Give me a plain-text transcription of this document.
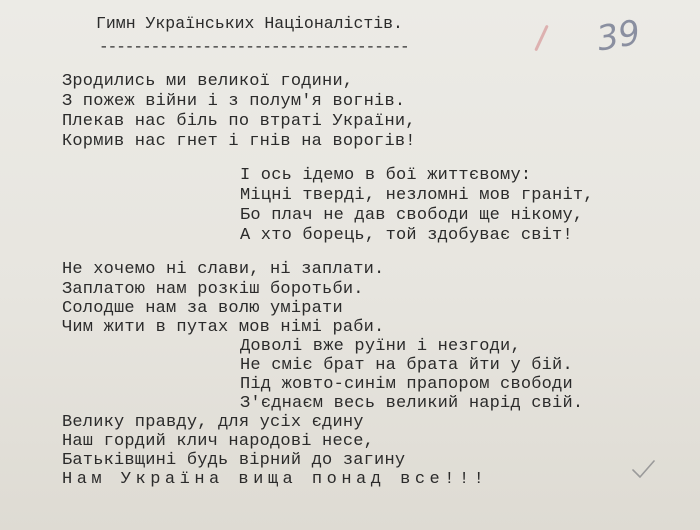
39
Гимн Українських Націоналістів.
------------------------------------
Зродились ми великої години,
З пожеж війни і з полум'я вогнів.
Плекав нас біль по втраті України,
Кормив нас гнет і гнів на ворогів!
І ось ідемо в бої життєвому:
Міцні тверді, незломні мов граніт,
Бо плач не дав свободи ще нікому,
А хто борець, той здобуває світ!
Не хочемо ні слави, ні заплати.
Заплатою нам розкіш боротьби.
Солодше нам за волю умірати
Чим жити в путах мов німі раби.
Доволі вже руїни і незгоди,
Не сміє брат на брата йти у бій.
Під жовто-синім прапором свободи
З'єднаєм весь великий нарід свій.
Велику правду, для усіх єдину
Наш гордий клич народові несе,
Батьківщині будь вірний до загину
Нам Україна вища понад все!!!
